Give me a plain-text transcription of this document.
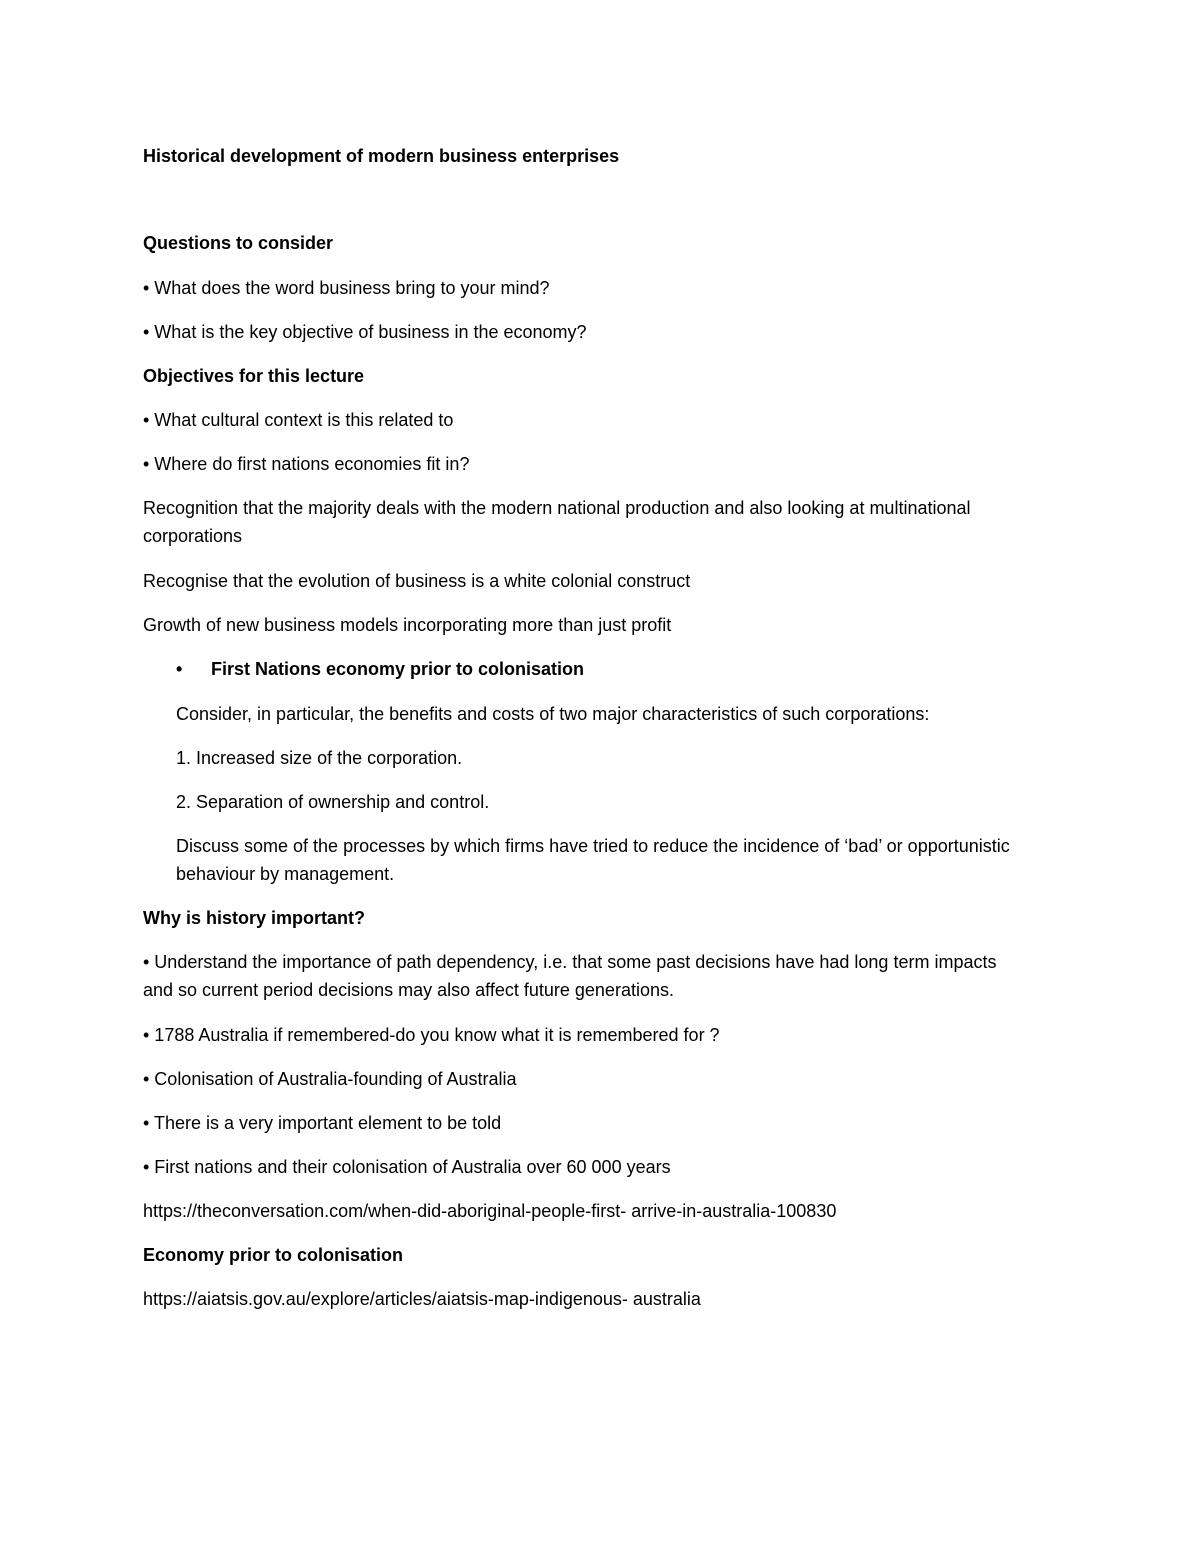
Historical development of modern business enterprises

Questions to consider

• What does the word business bring to your mind?

• What is the key objective of business in the economy?

Objectives for this lecture

• What cultural context is this related to

• Where do first nations economies fit in?

Recognition that the majority deals with the modern national production and also looking at multinational corporations

Recognise that the evolution of business is a white colonial construct

Growth of new business models incorporating more than just profit

• First Nations economy prior to colonisation

Consider, in particular, the benefits and costs of two major characteristics of such corporations:

1. Increased size of the corporation.

2. Separation of ownership and control.

Discuss some of the processes by which firms have tried to reduce the incidence of ‘bad’ or opportunistic behaviour by management.

Why is history important?

• Understand the importance of path dependency, i.e. that some past decisions have had long term impacts and so current period decisions may also affect future generations.

• 1788 Australia if remembered-do you know what it is remembered for ?

• Colonisation of Australia-founding of Australia

• There is a very important element to be told

• First nations and their colonisation of Australia over 60 000 years

https://theconversation.com/when-did-aboriginal-people-first- arrive-in-australia-100830

Economy prior to colonisation

https://aiatsis.gov.au/explore/articles/aiatsis-map-indigenous- australia
